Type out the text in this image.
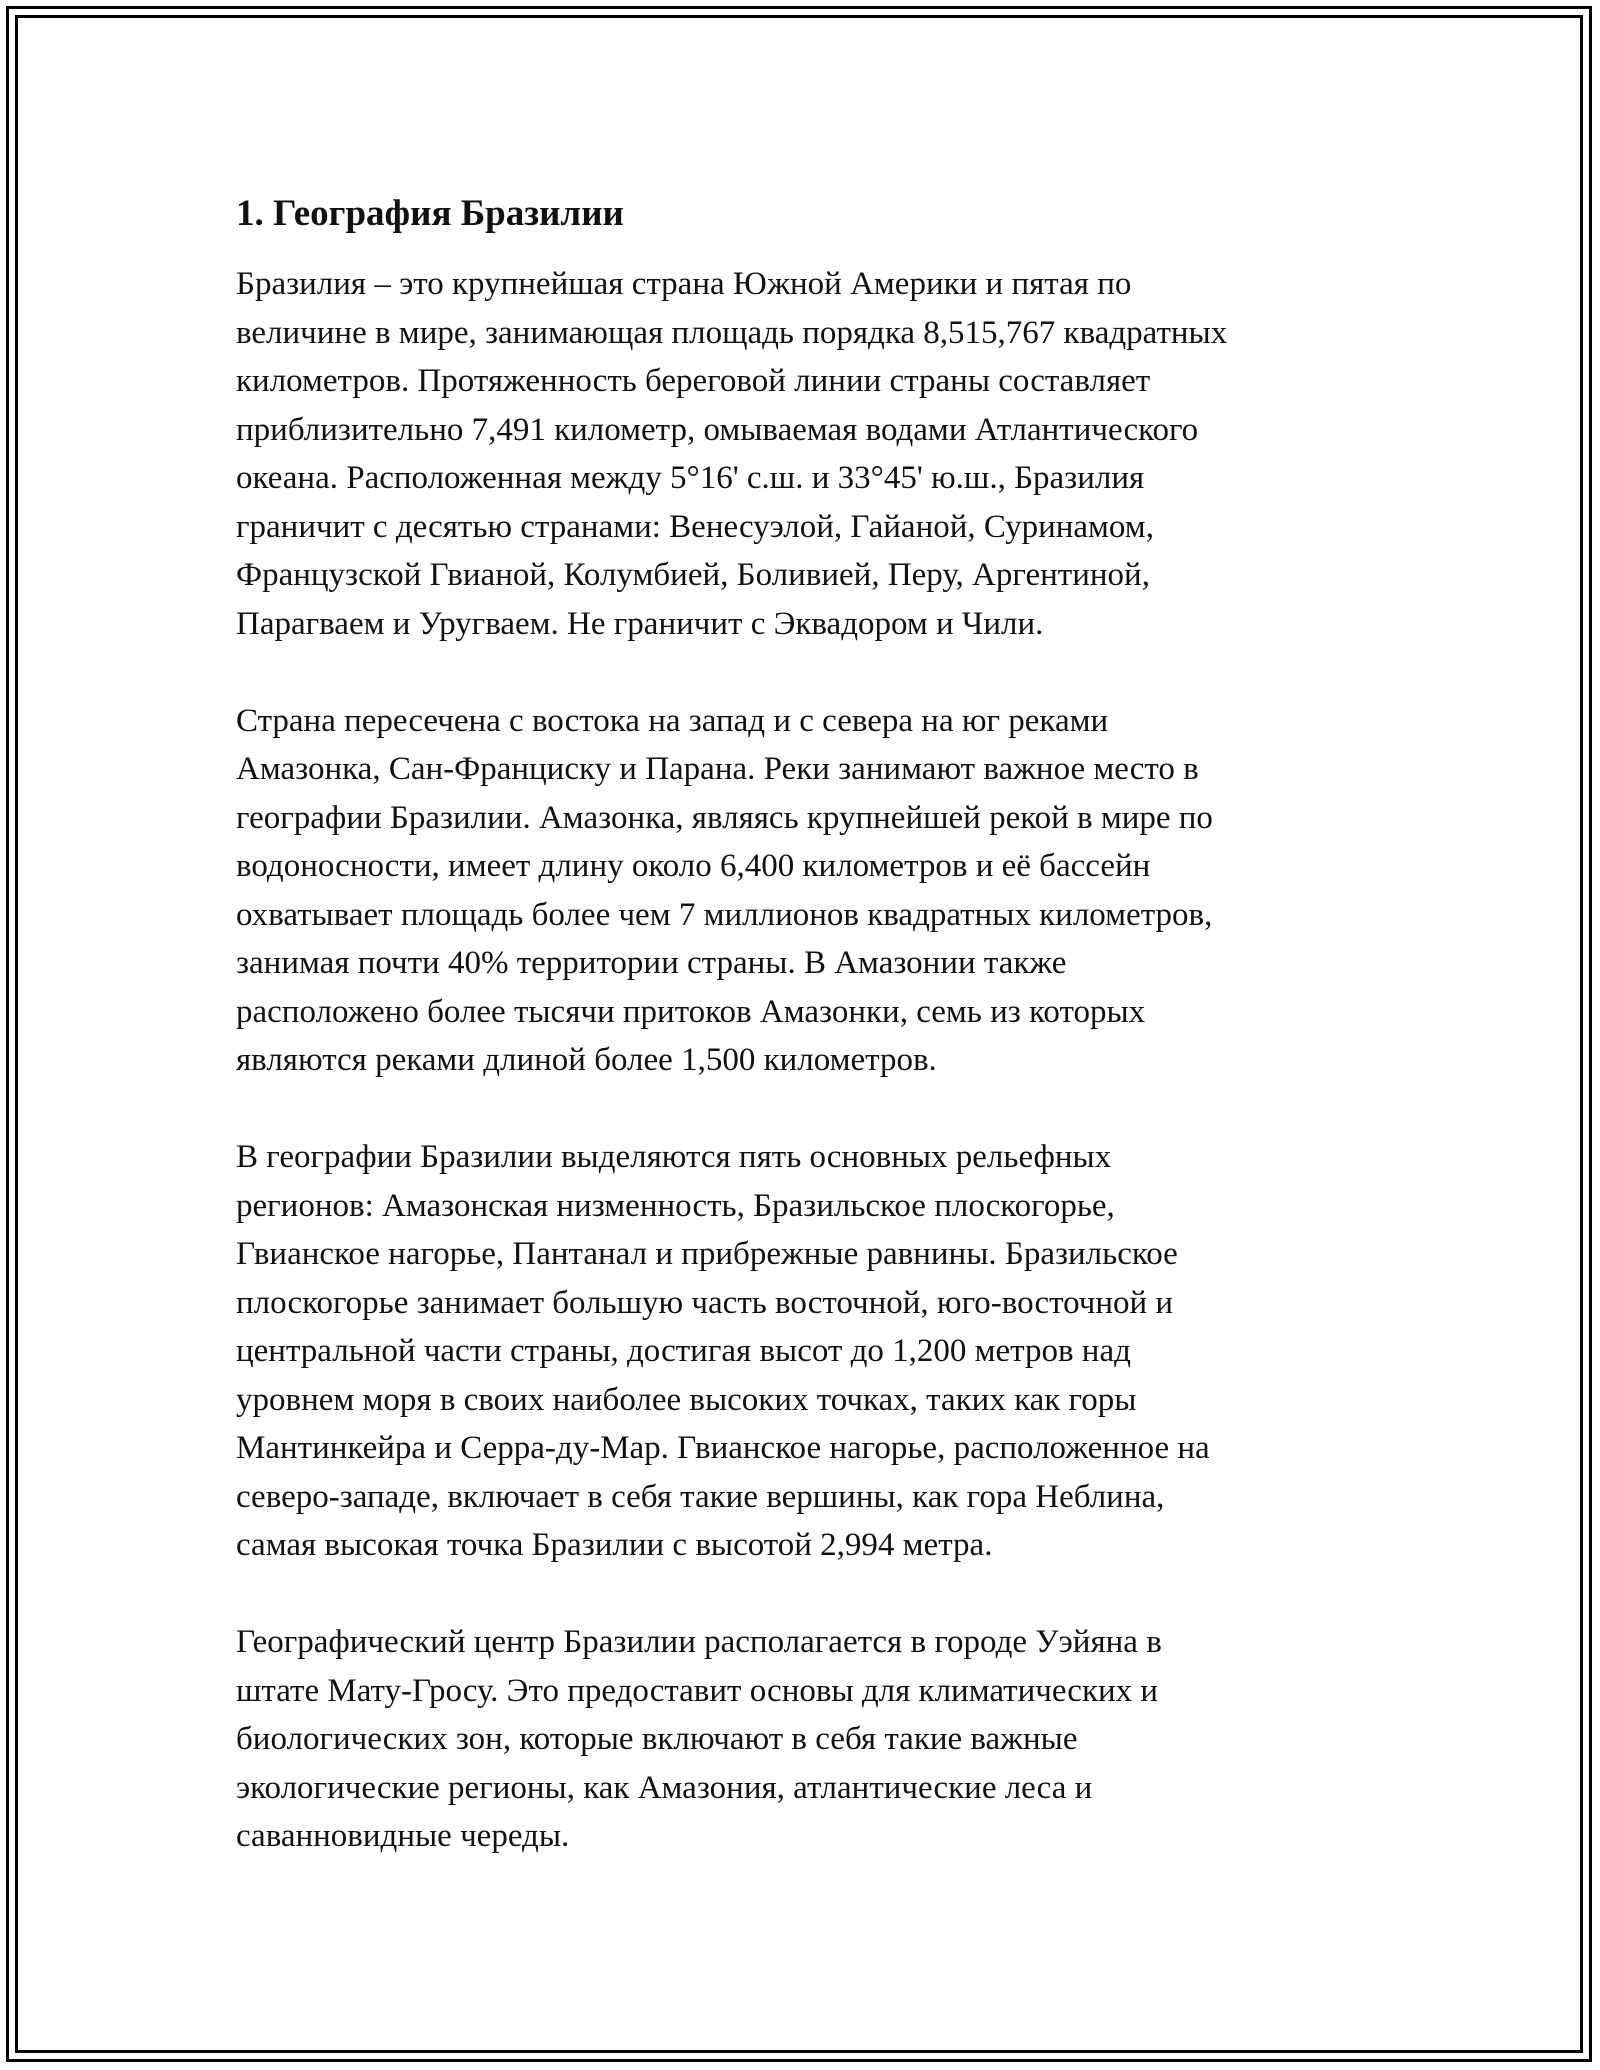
1. География Бразилии

Бразилия – это крупнейшая страна Южной Америки и пятая по
величине в мире, занимающая площадь порядка 8,515,767 квадратных
километров. Протяженность береговой линии страны составляет
приблизительно 7,491 километр, омываемая водами Атлантического
океана. Расположенная между 5°16' с.ш. и 33°45' ю.ш., Бразилия
граничит с десятью странами: Венесуэлой, Гайаной, Суринамом,
Французской Гвианой, Колумбией, Боливией, Перу, Аргентиной,
Парагваем и Уругваем. Не граничит с Эквадором и Чили.

Страна пересечена с востока на запад и с севера на юг реками
Амазонка, Сан-Франциску и Парана. Реки занимают важное место в
географии Бразилии. Амазонка, являясь крупнейшей рекой в мире по
водоносности, имеет длину около 6,400 километров и её бассейн
охватывает площадь более чем 7 миллионов квадратных километров,
занимая почти 40% территории страны. В Амазонии также
расположено более тысячи притоков Амазонки, семь из которых
являются реками длиной более 1,500 километров.

В географии Бразилии выделяются пять основных рельефных
регионов: Амазонская низменность, Бразильское плоскогорье,
Гвианское нагорье, Пантанал и прибрежные равнины. Бразильское
плоскогорье занимает большую часть восточной, юго-восточной и
центральной части страны, достигая высот до 1,200 метров над
уровнем моря в своих наиболее высоких точках, таких как горы
Мантинкейра и Серра-ду-Мар. Гвианское нагорье, расположенное на
северо-западе, включает в себя такие вершины, как гора Неблина,
самая высокая точка Бразилии с высотой 2,994 метра.

Географический центр Бразилии располагается в городе Уэйяна в
штате Мату-Гросу. Это предоставит основы для климатических и
биологических зон, которые включают в себя такие важные
экологические регионы, как Амазония, атлантические леса и
саванновидные череды.
